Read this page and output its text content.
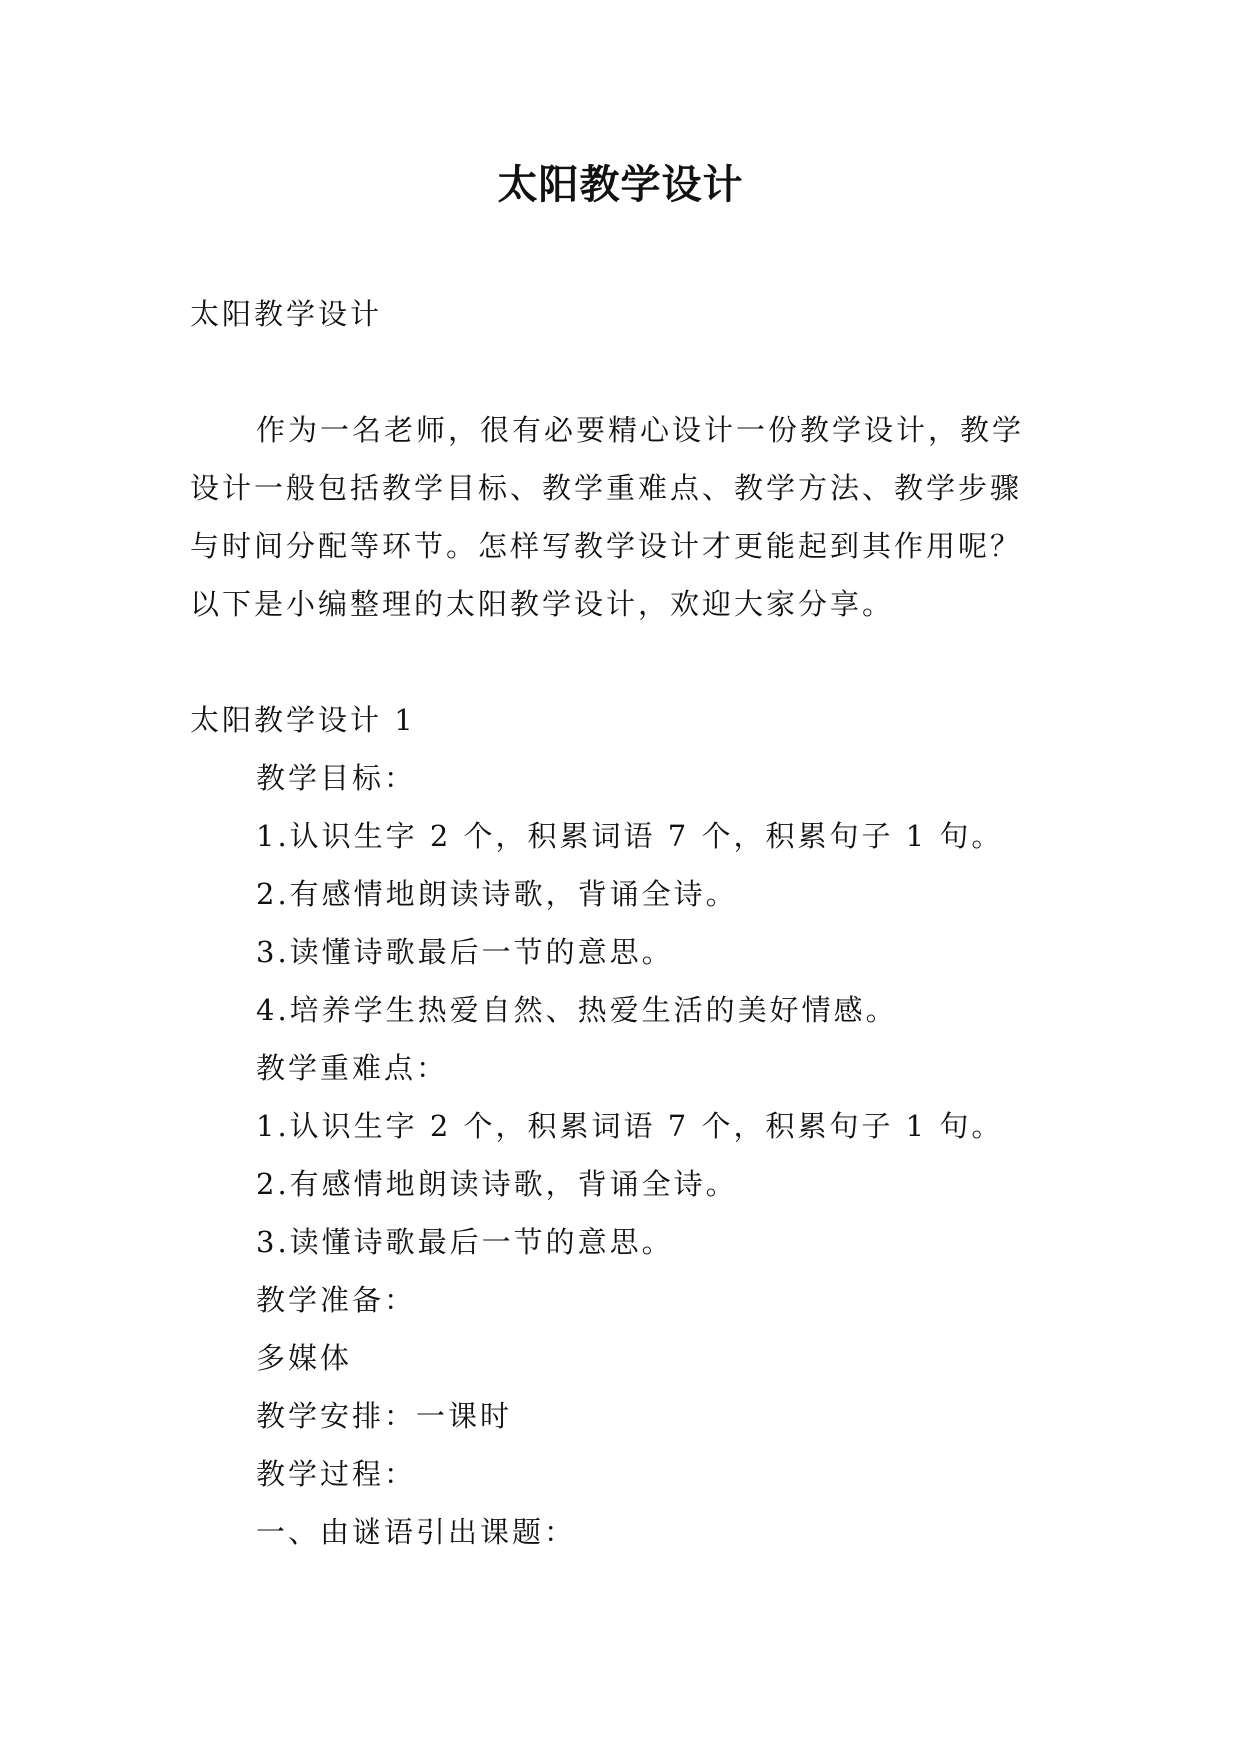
太阳教学设计
太阳教学设计
作为一名老师，很有必要精心设计一份教学设计，教学
设计一般包括教学目标、教学重难点、教学方法、教学步骤
与时间分配等环节。怎样写教学设计才更能起到其作用呢？
以下是小编整理的太阳教学设计，欢迎大家分享。
太阳教学设计 1
教学目标：
1.认识生字 2 个，积累词语 7 个，积累句子 1 句。
2.有感情地朗读诗歌，背诵全诗。
3.读懂诗歌最后一节的意思。
4.培养学生热爱自然、热爱生活的美好情感。
教学重难点：
1.认识生字 2 个，积累词语 7 个，积累句子 1 句。
2.有感情地朗读诗歌，背诵全诗。
3.读懂诗歌最后一节的意思。
教学准备：
多媒体
教学安排：一课时
教学过程：
一、由谜语引出课题：
